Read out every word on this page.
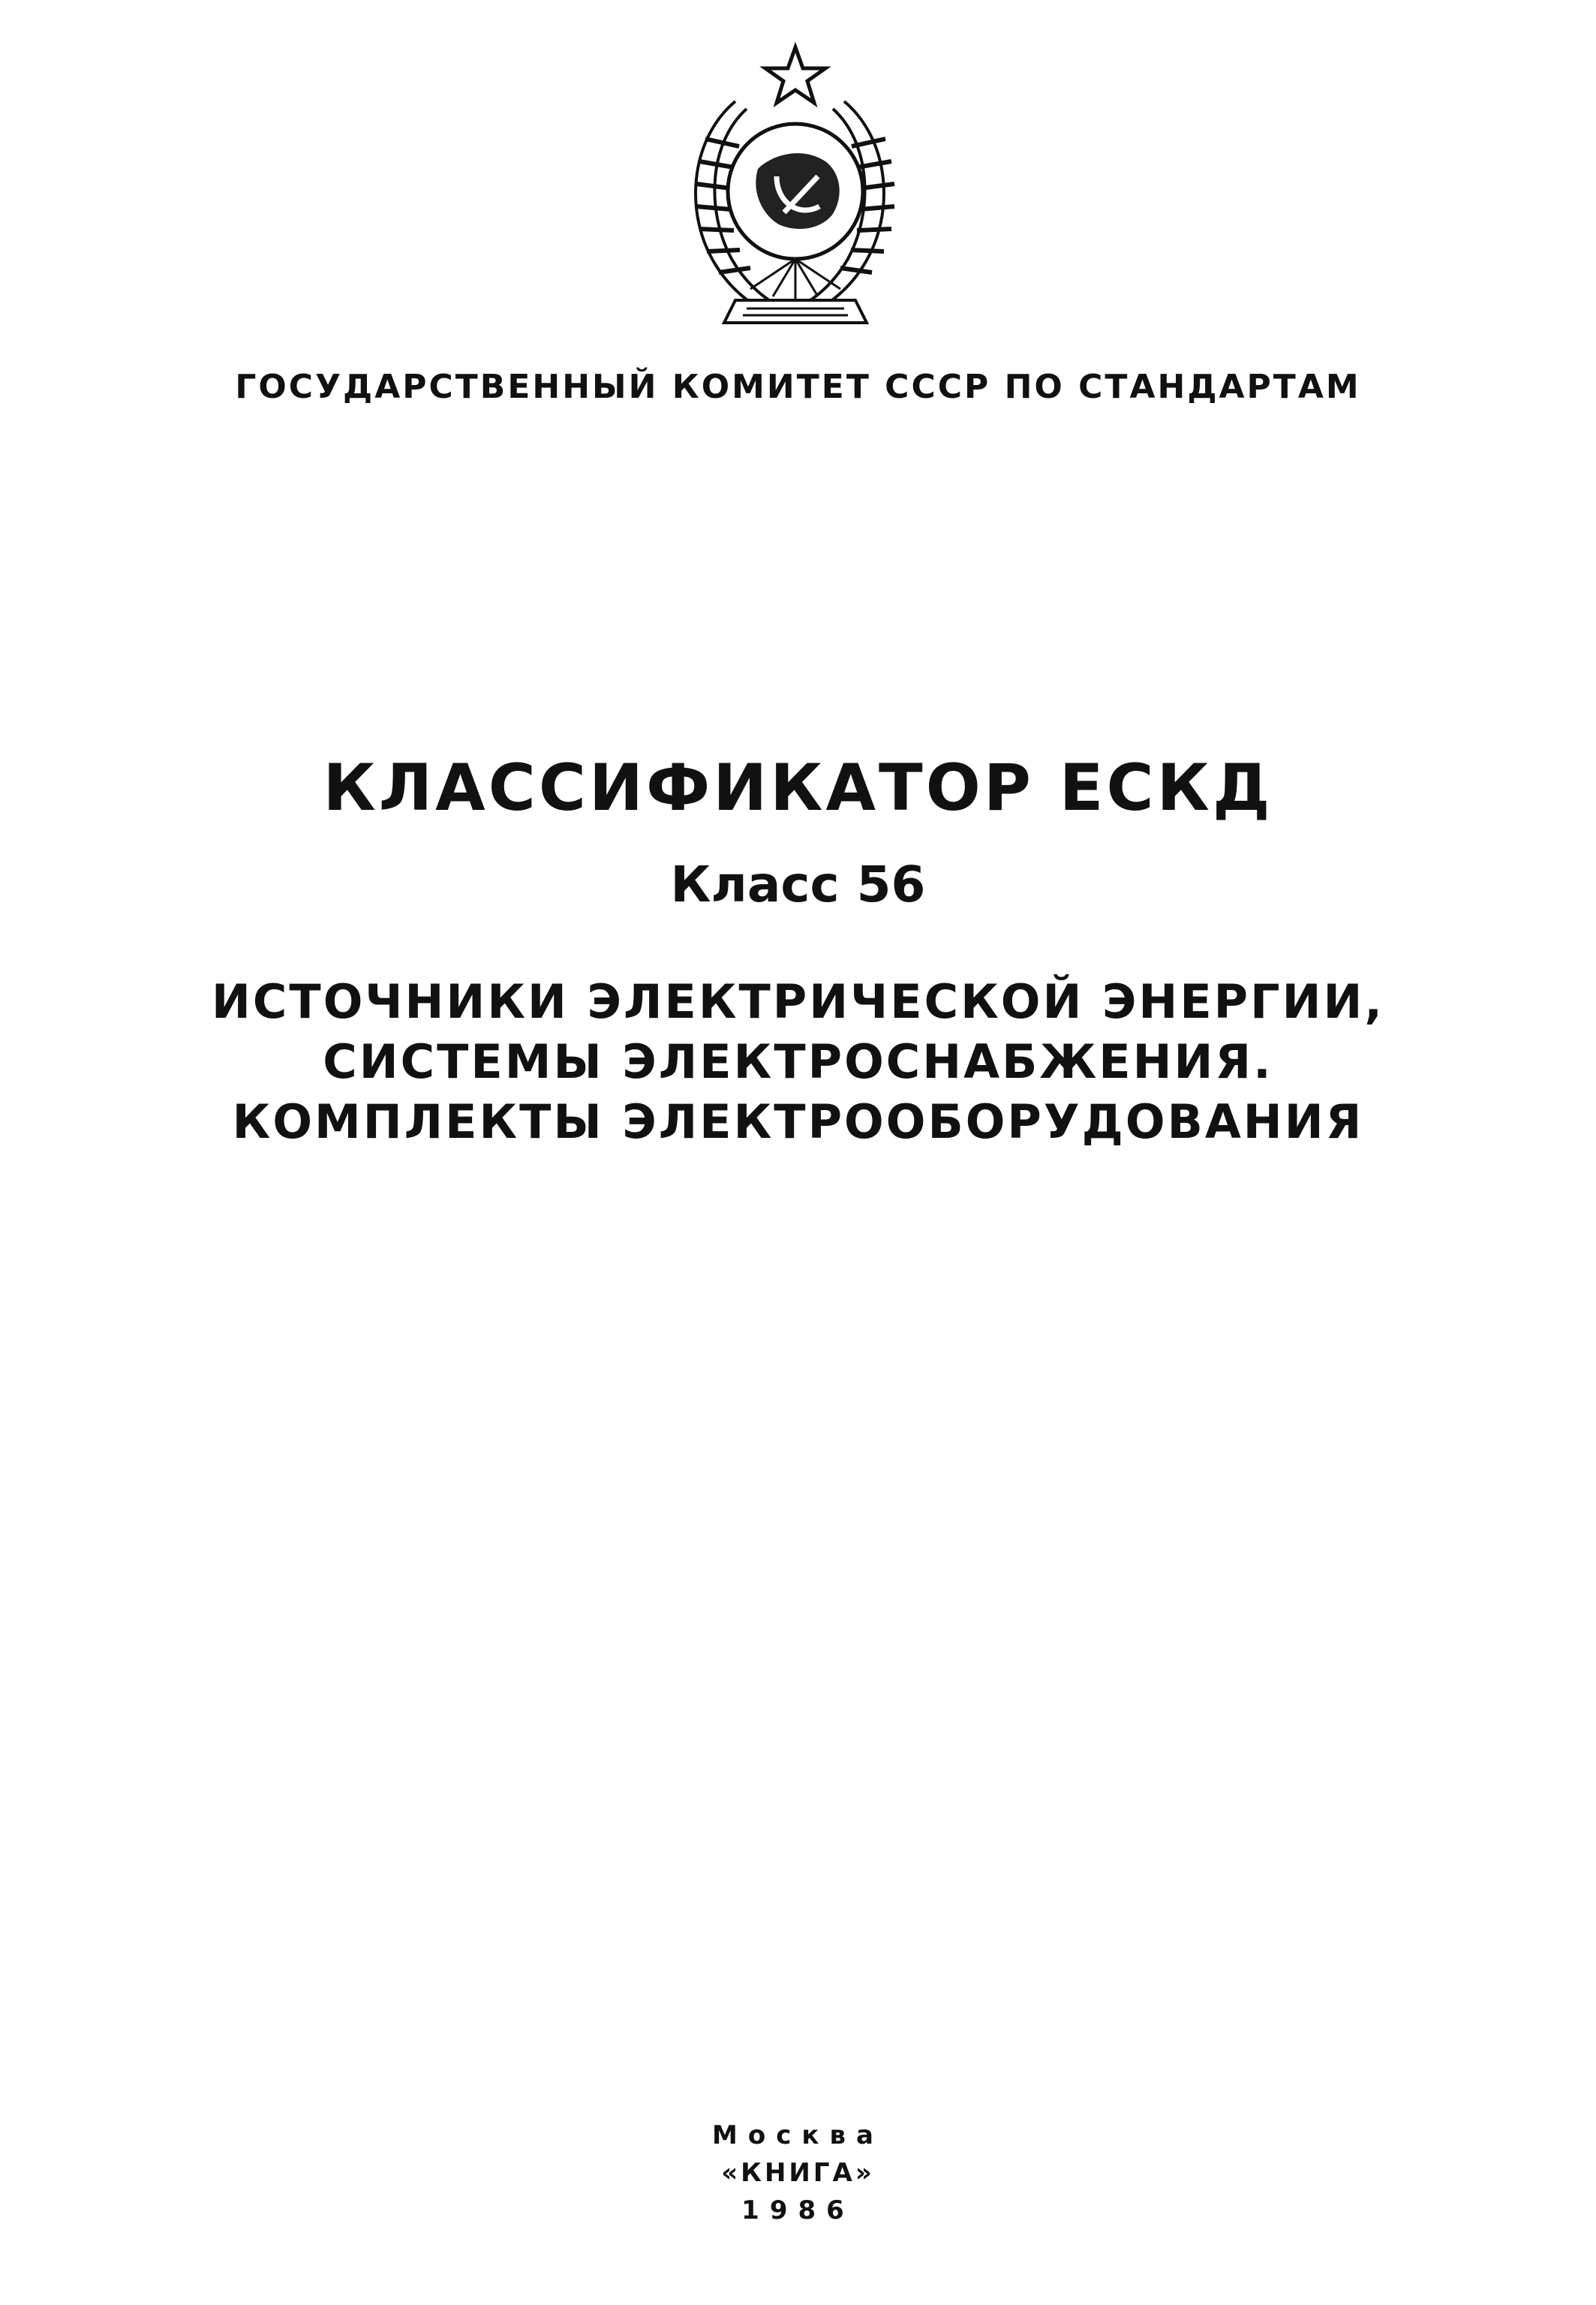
ГОСУДАРСТВЕННЫЙ КОМИТЕТ СССР ПО СТАНДАРТАМ
КЛАССИФИКАТОР ЕСКД
Класс 56
ИСТОЧНИКИ ЭЛЕКТРИЧЕСКОЙ ЭНЕРГИИ,
СИСТЕМЫ ЭЛЕКТРОСНАБЖЕНИЯ.
КОМПЛЕКТЫ ЭЛЕКТРООБОРУДОВАНИЯ
Москва
«КНИГА»
1986
